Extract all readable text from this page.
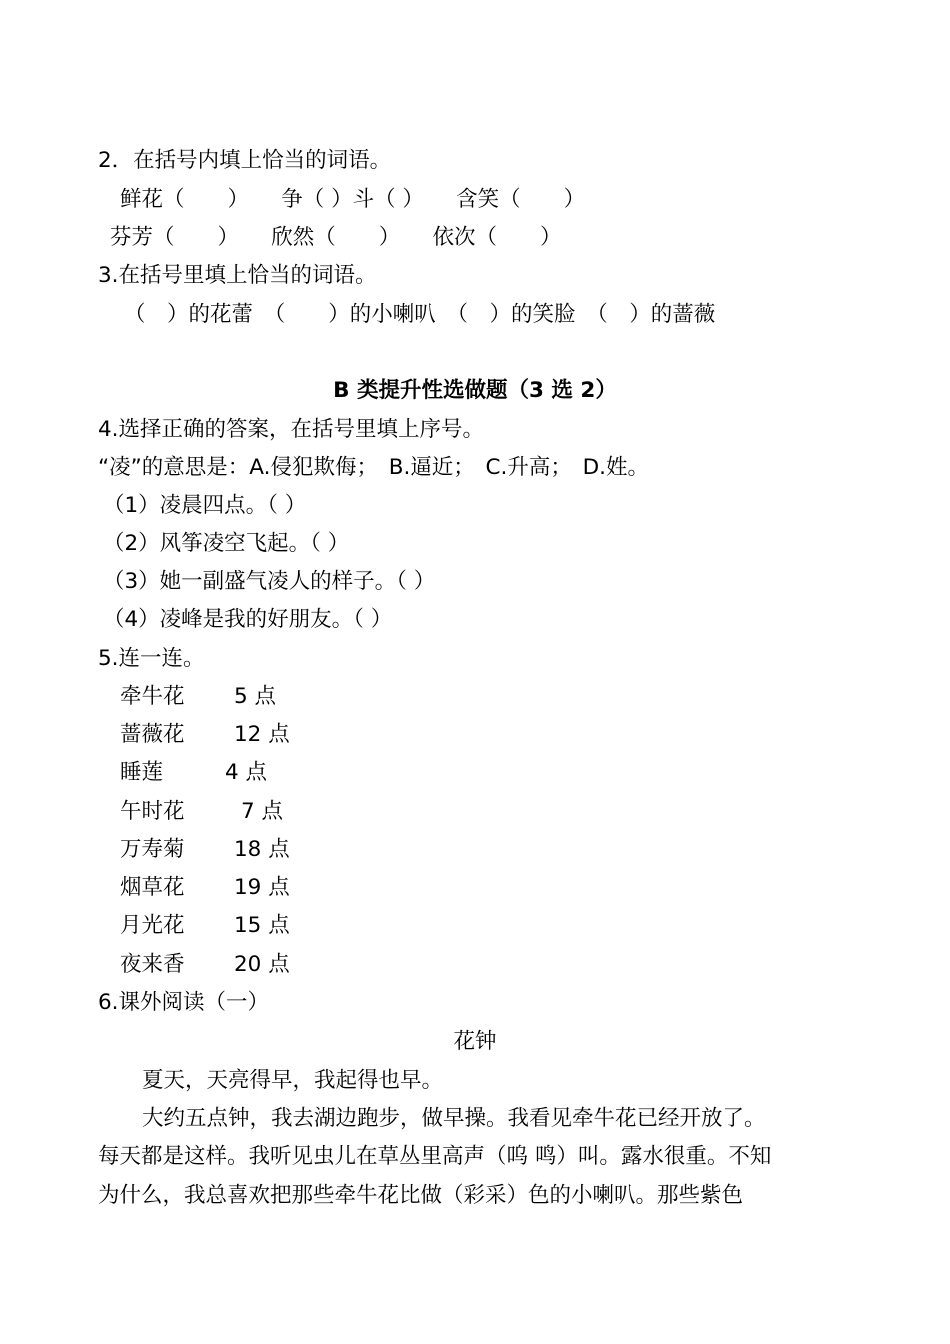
2．在括号内填上恰当的词语。
鲜花（　　）　　争（ ）斗（ ）　　含笑（　　）
芬芳（　　）　　欣然（　　）　　依次（　　）
3.在括号里填上恰当的词语。
（　）的花蕾　（　　）的小喇叭　（　）的笑脸　（　）的蔷薇
B 类提升性选做题（3 选 2）
4.选择正确的答案，在括号里填上序号。
“凌”的意思是：A.侵犯欺侮；　B.逼近；　C.升高；　D.姓。
（1）凌晨四点。（ ）
（2）风筝凌空飞起。（ ）
（3）她一副盛气凌人的样子。（ ）
（4）凌峰是我的好朋友。（ ）
5.连一连。
牵牛花 5 点
蔷薇花 12 点
睡莲	4 点
午时花	7 点
万寿菊 18 点
烟草花 19 点
月光花 15 点
夜来香 20 点
6.课外阅读（一）
花钟
夏天，天亮得早，我起得也早。
大约五点钟，我去湖边跑步，做早操。我看见牵牛花已经开放了。
每天都是这样。我听见虫儿在草丛里高声（呜 鸣）叫。露水很重。不知
为什么，我总喜欢把那些牵牛花比做（彩采）色的小喇叭。那些紫色
